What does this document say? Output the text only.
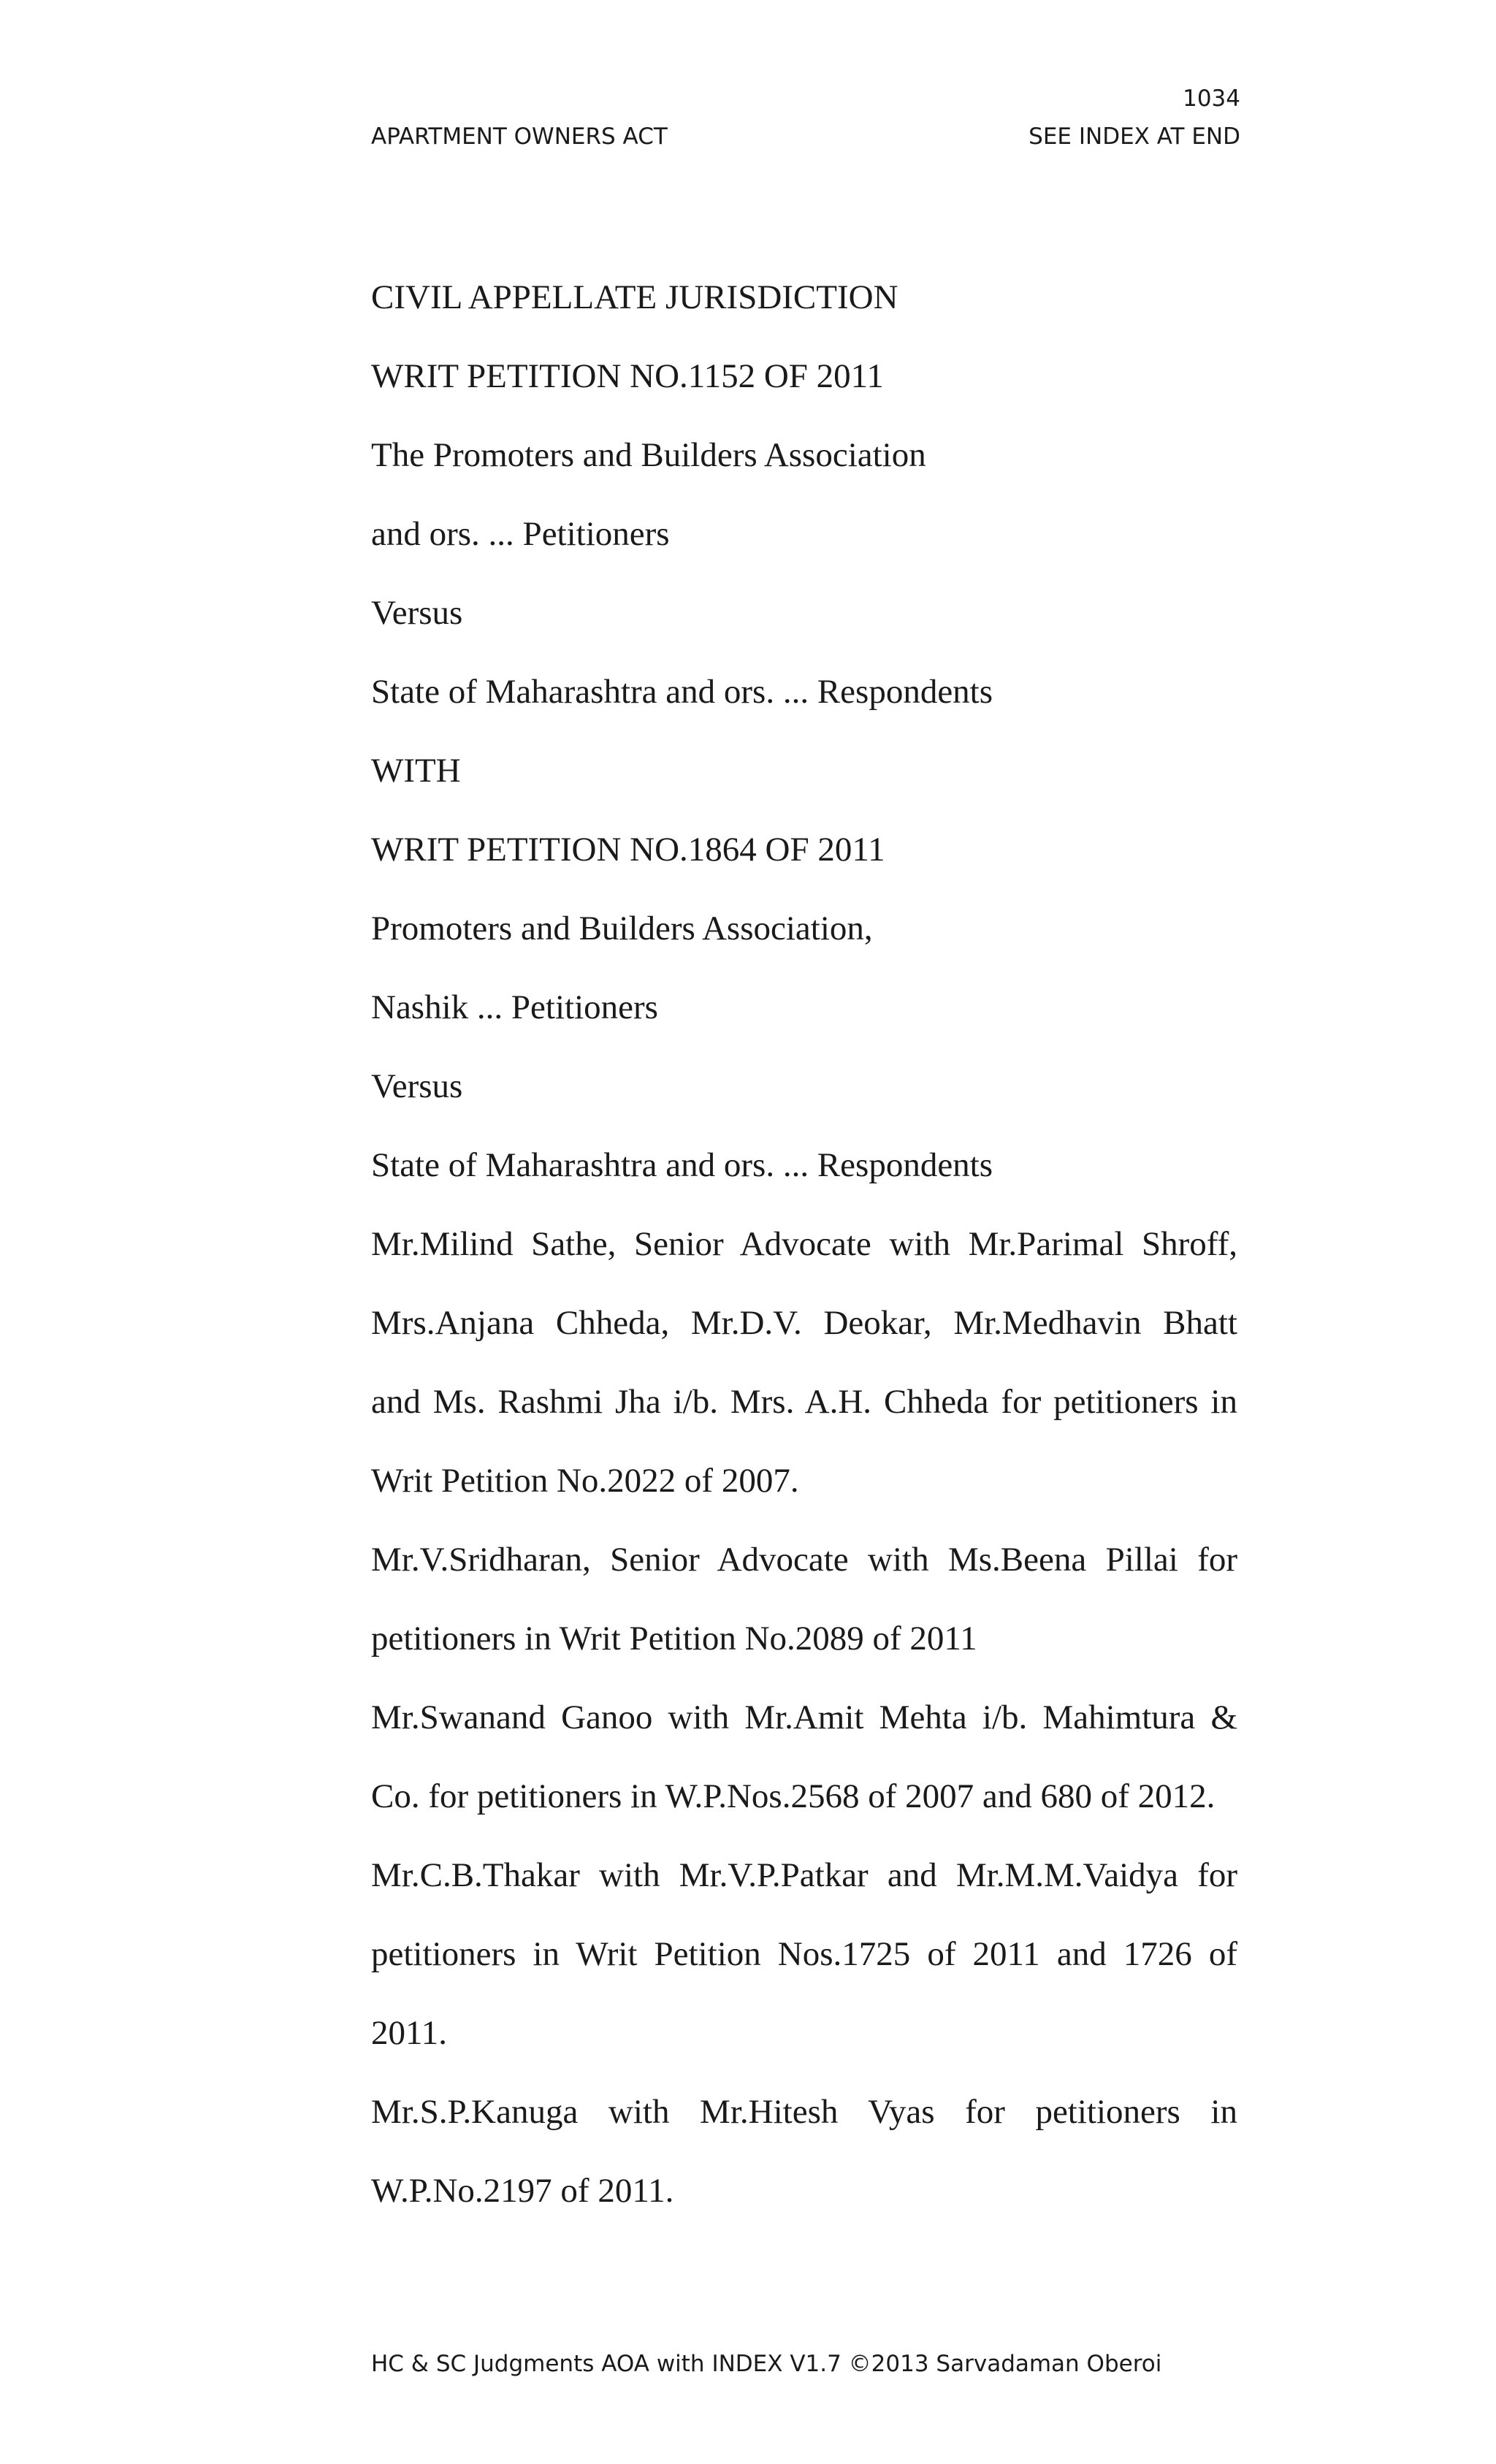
1034
APARTMENT OWNERS ACT	SEE INDEX AT END
CIVIL APPELLATE JURISDICTION
WRIT PETITION NO.1152 OF 2011
The Promoters and Builders Association
and ors. ... Petitioners
Versus
State of Maharashtra and ors. ... Respondents
WITH
WRIT PETITION NO.1864 OF 2011
Promoters and Builders Association,
Nashik ... Petitioners
Versus
State of Maharashtra and ors. ... Respondents
Mr.Milind Sathe, Senior Advocate with Mr.Parimal Shroff,
Mrs.Anjana Chheda, Mr.D.V. Deokar, Mr.Medhavin Bhatt
and Ms. Rashmi Jha i/b. Mrs. A.H. Chheda for petitioners in
Writ Petition No.2022 of 2007.
Mr.V.Sridharan, Senior Advocate with Ms.Beena Pillai for
petitioners in Writ Petition No.2089 of 2011
Mr.Swanand Ganoo with Mr.Amit Mehta i/b. Mahimtura &
Co. for petitioners in W.P.Nos.2568 of 2007 and 680 of 2012.
Mr.C.B.Thakar with Mr.V.P.Patkar and Mr.M.M.Vaidya for
petitioners in Writ Petition Nos.1725 of 2011 and 1726 of
2011.
Mr.S.P.Kanuga with Mr.Hitesh Vyas for petitioners in
W.P.No.2197 of 2011.
HC & SC Judgments AOA with INDEX V1.7 ©2013 Sarvadaman Oberoi
